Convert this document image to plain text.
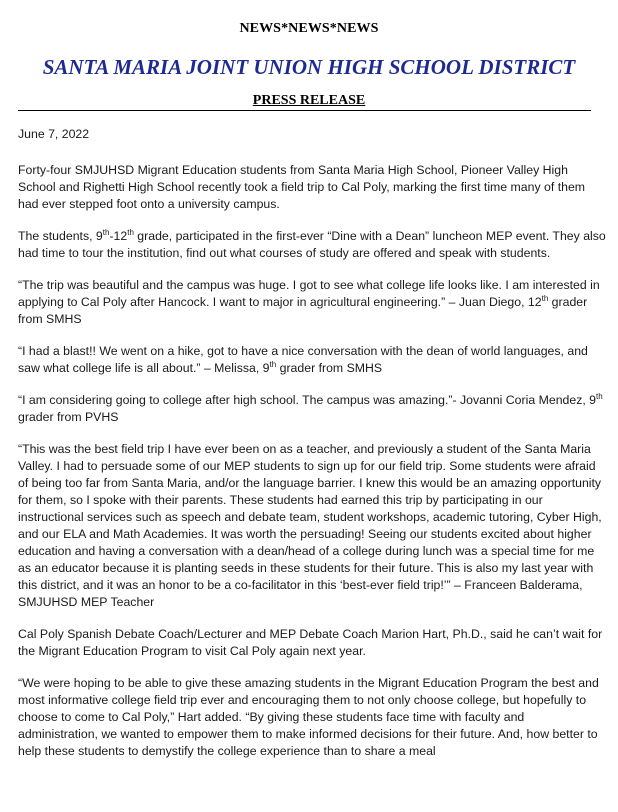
NEWS*NEWS*NEWS
SANTA MARIA JOINT UNION HIGH SCHOOL DISTRICT
PRESS RELEASE

June 7, 2022

Forty-four SMJUHSD Migrant Education students from Santa Maria High School, Pioneer Valley High School and Righetti High School recently took a field trip to Cal Poly, marking the first time many of them had ever stepped foot onto a university campus.

The students, 9th-12th grade, participated in the first-ever “Dine with a Dean” luncheon MEP event. They also had time to tour the institution, find out what courses of study are offered and speak with students.

“The trip was beautiful and the campus was huge. I got to see what college life looks like. I am interested in applying to Cal Poly after Hancock. I want to major in agricultural engineering.” – Juan Diego, 12th grader from SMHS

“I had a blast!! We went on a hike, got to have a nice conversation with the dean of world languages, and saw what college life is all about.” – Melissa, 9th grader from SMHS

“I am considering going to college after high school. The campus was amazing.”- Jovanni Coria Mendez, 9th grader from PVHS

“This was the best field trip I have ever been on as a teacher, and previously a student of the Santa Maria Valley. I had to persuade some of our MEP students to sign up for our field trip. Some students were afraid of being too far from Santa Maria, and/or the language barrier. I knew this would be an amazing opportunity for them, so I spoke with their parents. These students had earned this trip by participating in our instructional services such as speech and debate team, student workshops, academic tutoring, Cyber High, and our ELA and Math Academies. It was worth the persuading! Seeing our students excited about higher education and having a conversation with a dean/head of a college during lunch was a special time for me as an educator because it is planting seeds in these students for their future. This is also my last year with this district, and it was an honor to be a co-facilitator in this ‘best-ever field trip!’” – Franceen Balderama, SMJUHSD MEP Teacher

Cal Poly Spanish Debate Coach/Lecturer and MEP Debate Coach Marion Hart, Ph.D., said he can’t wait for the Migrant Education Program to visit Cal Poly again next year.

“We were hoping to be able to give these amazing students in the Migrant Education Program the best and most informative college field trip ever and encouraging them to not only choose college, but hopefully to choose to come to Cal Poly,” Hart added. “By giving these students face time with faculty and administration, we wanted to empower them to make informed decisions for their future. And, how better to help these students to demystify the college experience than to share a meal
